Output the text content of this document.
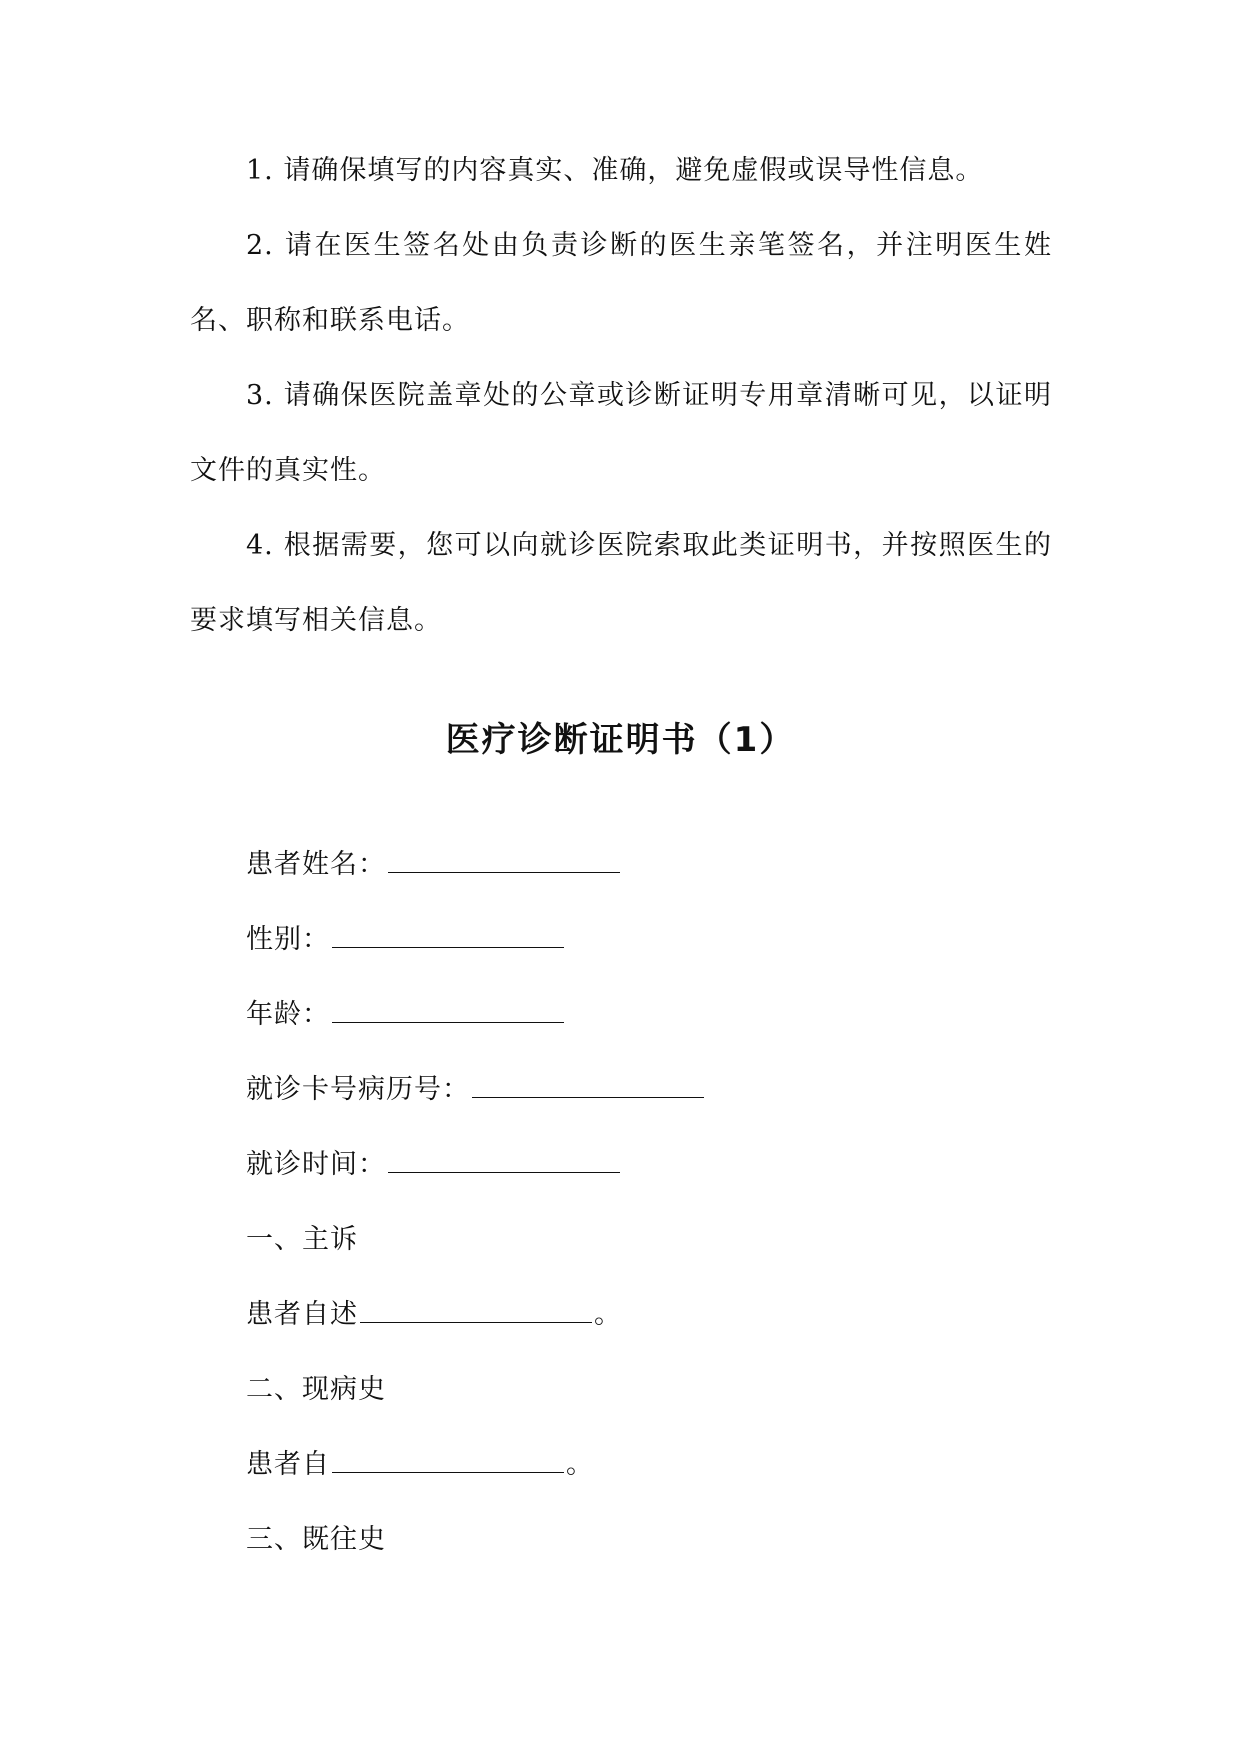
1. 请确保填写的内容真实、准确，避免虚假或误导性信息。

2. 请在医生签名处由负责诊断的医生亲笔签名，并注明医生姓名、职称和联系电话。

3. 请确保医院盖章处的公章或诊断证明专用章清晰可见，以证明文件的真实性。

4. 根据需要，您可以向就诊医院索取此类证明书，并按照医生的要求填写相关信息。

医疗诊断证明书（1）
患者姓名：
性别：
年龄：
就诊卡号病历号：
就诊时间：
一、主诉
患者自述	。
二、现病史
患者自	。
三、既往史
